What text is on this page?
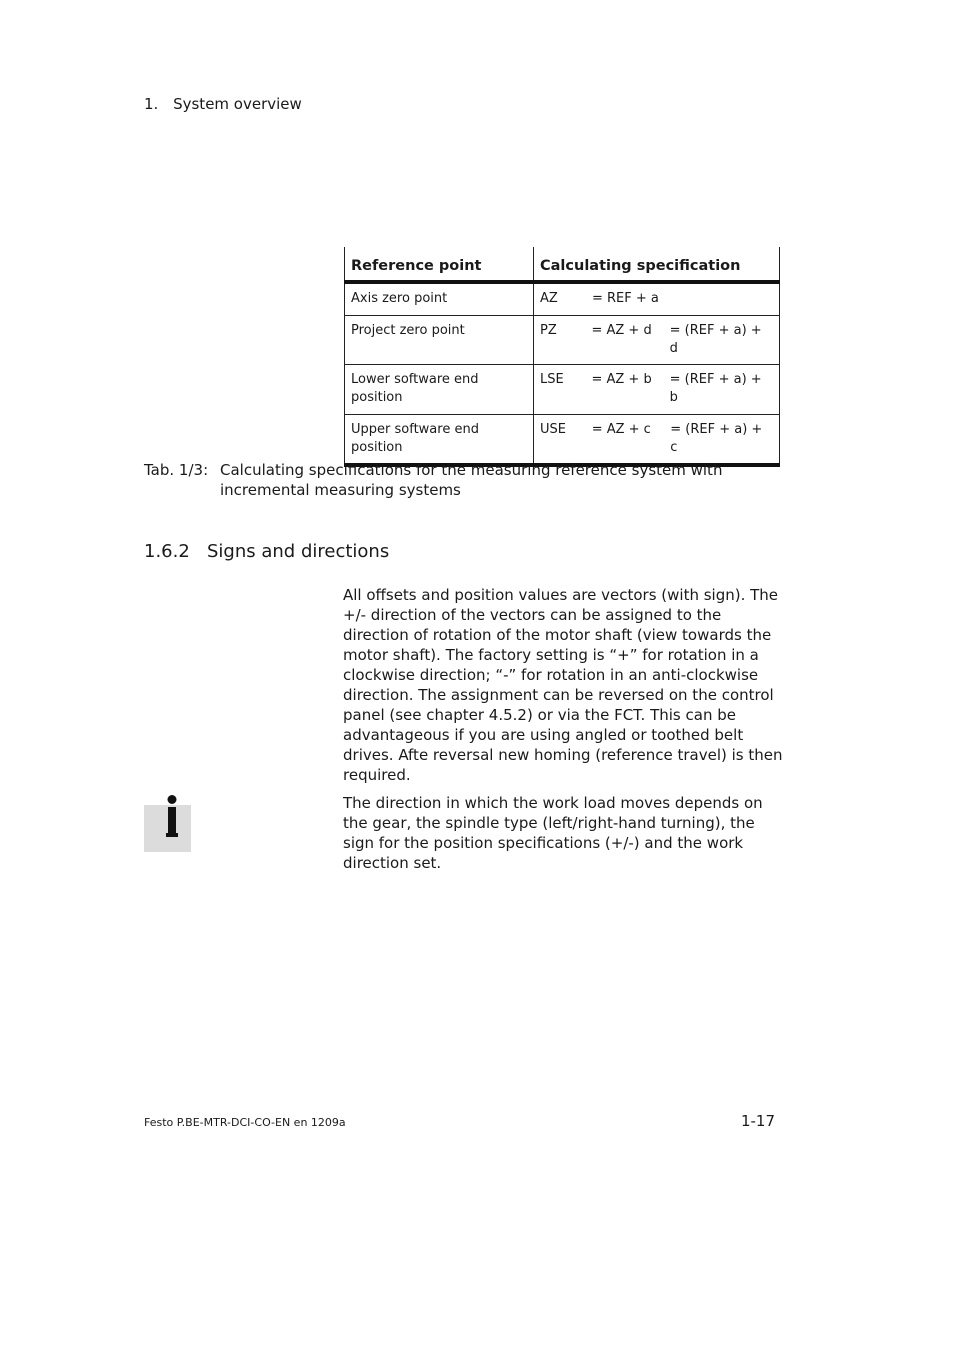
1. System overview
Reference point	Calculating specification
Axis zero point	AZ = REF + a

Project zero point	PZ = AZ + d = (REF + a) + d

Lower software end position	LSE = AZ + b = (REF + a) + b

Upper software end position	USE = AZ + c = (REF + a) + c
Tab. 1/3: Calculating specifications for the measuring reference system with incremental measuring systems
1.6.2 Signs and directions
All offsets and position values are vectors (with sign). The +/- direction of the vectors can be assigned to the direction of rotation of the motor shaft (view towards the motor shaft). The factory setting is “+” for rotation in a clockwise direction; “-” for rotation in an anti-clockwise direction. The assignment can be reversed on the control panel (see chapter 4.5.2) or via the FCT. This can be advantageous if you are using angled or toothed belt drives. Afte reversal new homing (reference travel) is then required.
The direction in which the work load moves depends on the gear, the spindle type (left/right-hand turning), the sign for the position specifications (+/-) and the work direction set.
Festo P.BE-MTR-DCI-CO-EN en 1209a	1-17
